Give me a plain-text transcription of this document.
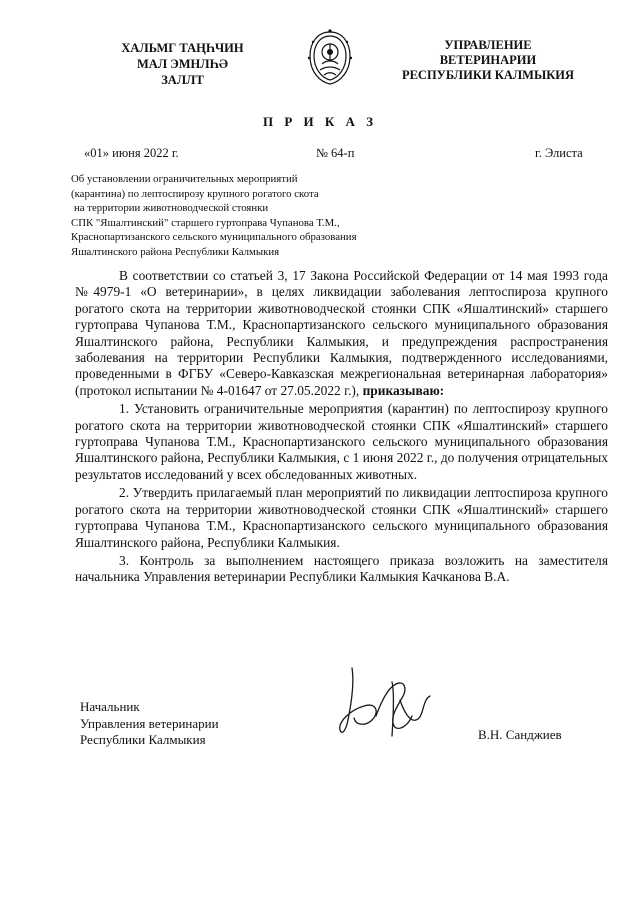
ХАЛЬМГ ТАҢҺЧИН
МАЛ ЭМНЛҺӘ
ЗАЛЛТ
УПРАВЛЕНИЕ
ВЕТЕРИНАРИИ
РЕСПУБЛИКИ КАЛМЫКИЯ
П Р И К А З
«01» июня 2022 г.	№ 64-п	г. Элиста
Об установлении ограничительных мероприятий
(карантина) по лептоспирозу крупного рогатого скота
на территории животноводческой стоянки
СПК "Яшалтинский" старшего гуртоправа Чупанова Т.М.,
Краснопартизанского сельского муниципального образования
Яшалтинского района Республики Калмыкия

В соответствии со статьей 3, 17 Закона Российской Федерации от 14 мая 1993 года №4979-1 «О ветеринарии», в целях ликвидации заболевания лептоспироза крупного рогатого скота на территории животноводческой стоянки СПК «Яшалтинский» старшего гуртоправа Чупанова Т.М., Краснопартизанского сельского муниципального образования Яшалтинского района, Республики Калмыкия, и предупреждения распространения заболевания на территории Республики Калмыкия, подтвержденного исследованиями, проведенными в ФГБУ «Северо-Кавказская межрегиональная ветеринарная лаборатория» (протокол испытании № 4-01647 от 27.05.2022 г.), приказываю:

1. Установить ограничительные мероприятия (карантин) по лептоспирозу крупного рогатого скота на территории животноводческой стоянки СПК «Яшалтинский» старшего гуртоправа Чупанова Т.М., Краснопартизанского сельского муниципального образования Яшалтинского района, Республики Калмыкия, с 1 июня 2022 г., до получения отрицательных результатов исследований у всех обследованных животных.

2. Утвердить прилагаемый план мероприятий по ликвидации лептоспироза крупного рогатого скота на территории животноводческой стоянки СПК «Яшалтинский» старшего гуртоправа Чупанова Т.М., Краснопартизанского сельского муниципального образования Яшалтинского района, Республики Калмыкия.

3. Контроль за выполнением настоящего приказа возложить на заместителя начальника Управления ветеринарии Республики Калмыкия Качканова В.А.

Начальник
Управления ветеринарии
Республики Калмыкия	В.Н. Санджиев
